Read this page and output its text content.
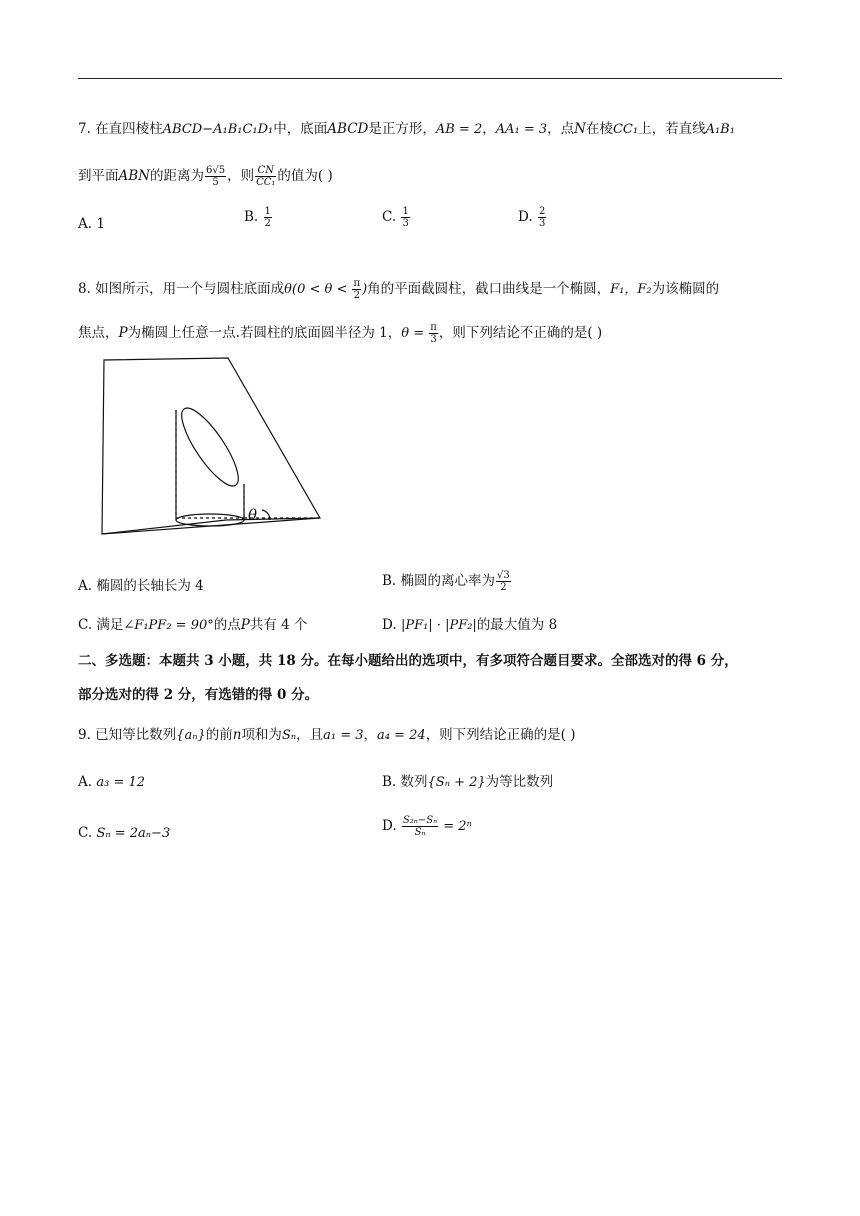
7. 在直四棱柱ABCD−A₁B₁C₁D₁中，底面ABCD是正方形，AB = 2，AA₁ = 3，点N在棱CC₁上，若直线A₁B₁
到平面ABN的距离为 $\frac{6√5}{5}$ ，则 $\frac{CN}{\text{CC₁}}$ 的值为( )
A. 1	B. $\frac{1}{2}$	C. $\frac{1}{3}$	D. $\frac{2}{3}$
8. 如图所示，用一个与圆柱底面成$\theta(0 < \theta < \frac{\pi}{2}$ )角的平面截圆柱，截口曲线是一个椭圆，F₁，F₂为该椭圆的
焦点，P为椭圆上任意一点.若圆柱的底面圆半径为 1，$\theta = \frac{\pi}{3}$ ，则下列结论不正确的是( )
θ
A. 椭圆的长轴长为 4	B. 椭圆的离心率为 $\frac{√3}{2}$
C. 满足∠F₁PF₂ = 90°的点P共有 4 个	D. |PF₁| · |PF₂|的最大值为 8
二、多选题：本题共 3 小题，共 18 分。在每小题给出的选项中，有多项符合题目要求。全部选对的得 6 分，
部分选对的得 2 分，有选错的得 0 分。
9. 已知等比数列{aₙ}的前n项和为Sₙ，且a₁ = 3，a₄ = 24，则下列结论正确的是( )
A. a₃ = 12	B. 数列{Sₙ + 2}为等比数列
C. Sₙ = 2aₙ−3	D. $\frac{\text{S₂ₙ−Sₙ}}{\text{Sₙ}} = 2^n$
